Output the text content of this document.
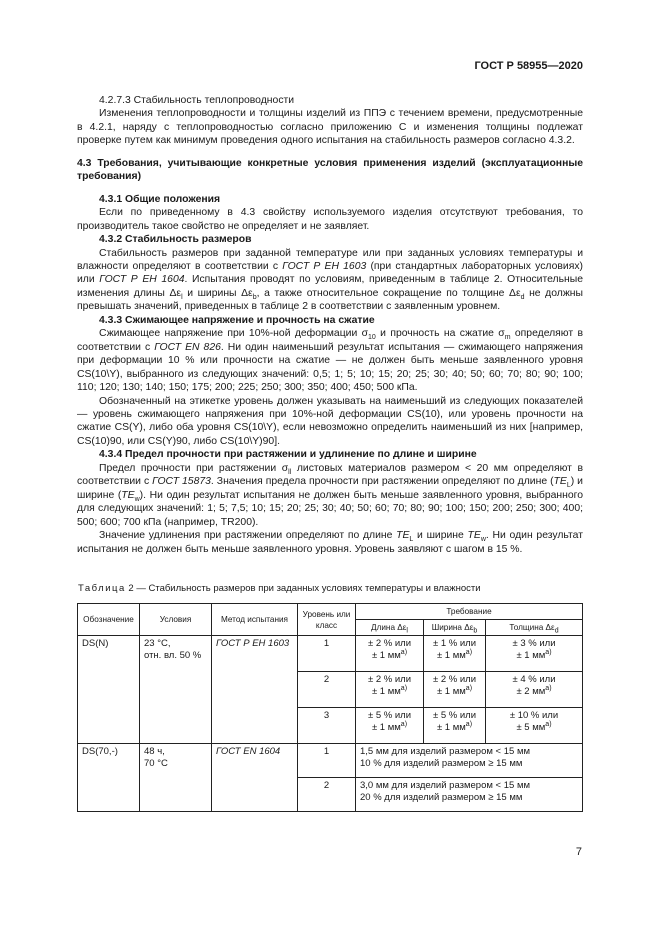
ГОСТ Р 58955—2020

4.2.7.3 Стабильность теплопроводности

Изменения теплопроводности и толщины изделий из ППЭ с течением времени, предусмотренные в 4.2.1, наряду с теплопроводностью согласно приложению С и изменения толщины подлежат проверке путем как минимум проведения одного испытания на стабильность размеров согласно 4.3.2.

4.3 Требования, учитывающие конкретные условия применения изделий (эксплуатационные требования)

4.3.1 Общие положения

Если по приведенному в 4.3 свойству используемого изделия отсутствуют требования, то производитель такое свойство не определяет и не заявляет.

4.3.2 Стабильность размеров

Стабильность размеров при заданной температуре или при заданных условиях температуры и влажности определяют в соответствии с ГОСТ Р ЕН 1603 (при стандартных лабораторных условиях) или ГОСТ Р ЕН 1604. Испытания проводят по условиям, приведенным в таблице 2. Относительные изменения длины $\Delta\varepsilon_l$ и ширины $\Delta\varepsilon_b$, а также относительное сокращение по толщине $\Delta\varepsilon_d$ не должны превышать значений, приведенных в таблице 2 в соответствии с заявленным уровнем.

4.3.3 Сжимающее напряжение и прочность на сжатие

Сжимающее напряжение при 10%-ной деформации $\sigma_{10}$ и прочность на сжатие $\sigma_m$ определяют в соответствии с ГОСТ EN 826. Ни один наименьший результат испытания — сжимающего напряжения при деформации 10 % или прочности на сжатие — не должен быть меньше заявленного уровня CS(10\Y), выбранного из следующих значений: 0,5; 1; 5; 10; 15; 20; 25; 30; 40; 50; 60; 70; 80; 90; 100; 110; 120; 130; 140; 150; 175; 200; 225; 250; 300; 350; 400; 450; 500 кПа.

Обозначенный на этикетке уровень должен указывать на наименьший из следующих показателей — уровень сжимающего напряжения при 10%-ной деформации CS(10), или уровень прочности на сжатие CS(Y), либо оба уровня CS(10\Y), если невозможно определить наименьший из них [например, CS(10)90, или CS(Y)90, либо CS(10\Y)90].

4.3.4 Предел прочности при растяжении и удлинение по длине и ширине

Предел прочности при растяжении $\sigma_{ll}$ листовых материалов размером < 20 мм определяют в соответствии с ГОСТ 15873. Значения предела прочности при растяжении определяют по длине $(TE_L)$ и ширине $(TE_w)$. Ни один результат испытания не должен быть меньше заявленного уровня, выбранного для следующих значений: 1; 5; 7,5; 10; 15; 20; 25; 30; 40; 50; 60; 70; 80; 90; 100; 150; 200; 250; 300; 400; 500; 600; 700 кПа (например, TR200).

Значение удлинения при растяжении определяют по длине $TE_L$ и ширине $TE_w$. Ни один результат испытания не должен быть меньше заявленного уровня. Уровень заявляют с шагом в 15 %.

Таблица 2 — Стабильность размеров при заданных условиях температуры и влажности
Обозначение	Условия	Метод испытания	Уровень или класс	Требование		
				Длина $\Delta\varepsilon_l$	Ширина $\Delta\varepsilon_b$	Толщина $\Delta\varepsilon_d$
DS(N)	23 °С,
отн. вл. 50 %	ГОСТ Р ЕН 1603	1	± 2 % или
± 1 $мм^{a)}$	± 1 % или
± 1 $мм^{a)}$	± 3 % или
± 1 $мм^{a)}$
			2	± 2 % или
± 1 $мм^{a)}$	± 2 % или
± 1 $мм^{a)}$	± 4 % или
± 2 $мм^{a)}$
			3	± 5 % или
± 1 $мм^{a)}$	± 5 % или
± 1 $мм^{a)}$	± 10 % или
± 5 $мм^{a)}$
DS(70,-)	48 ч,
70 °С	ГОСТ EN 1604	1	1,5 мм для изделий размером < 15 мм
10 % для изделий размером ≥ 15 мм		
			2	3,0 мм для изделий размером < 15 мм
20 % для изделий размером ≥ 15 мм		
7
